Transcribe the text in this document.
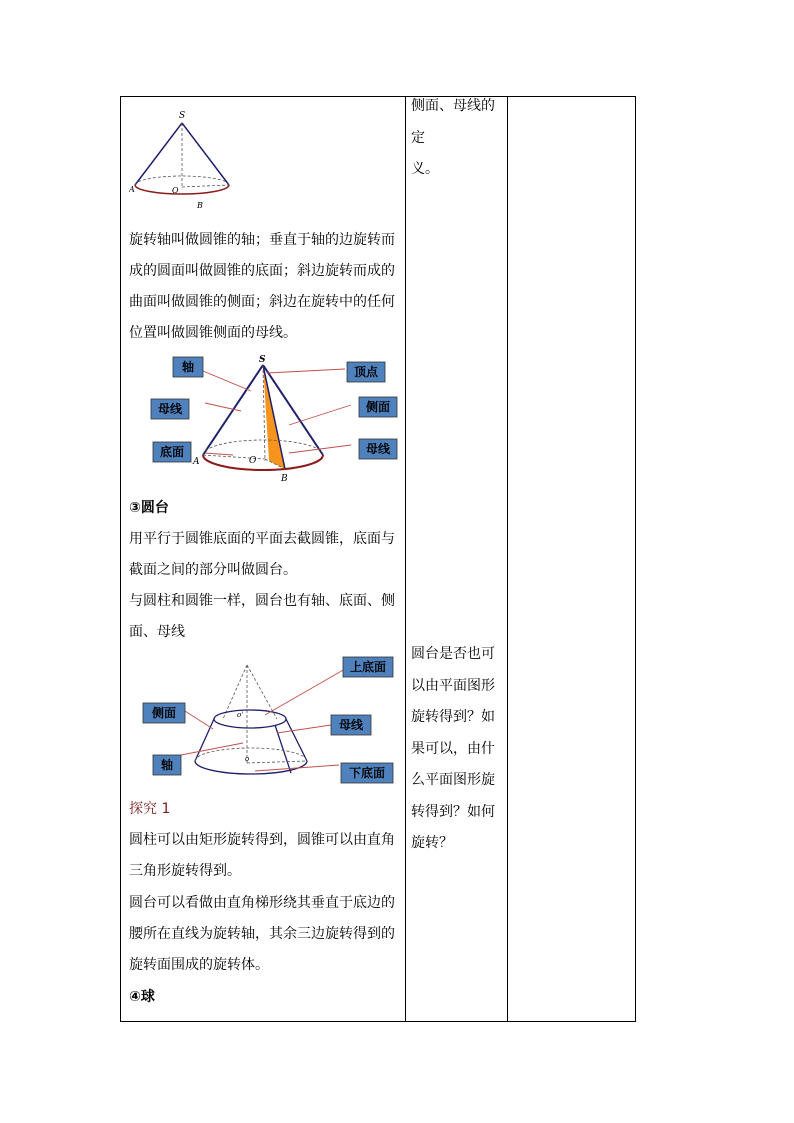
S
A	O
B
旋转轴叫做圆锥的轴；垂直于轴的边旋转而
成的圆面叫做圆锥的底面；斜边旋转而成的
曲面叫做圆锥的侧面；斜边在旋转中的任何
位置叫做圆锥侧面的母线。
S
A	O
B
轴
母线
底面
顶点
侧面
母线
③圆台
用平行于圆锥底面的平面去截圆锥，底面与
截面之间的部分叫做圆台。
与圆柱和圆锥一样，圆台也有轴、底面、侧
面、母线
o'
o
上底面
侧面
母线
轴
下底面
探究 1
圆柱可以由矩形旋转得到，圆锥可以由直角
三角形旋转得到。
圆台可以看做由直角梯形绕其垂直于底边的
腰所在直线为旋转轴，其余三边旋转得到的
旋转面围成的旋转体。
④球
侧面、母线的定
义。
圆台是否也可
以由平面图形
旋转得到？如
果可以，由什
么平面图形旋
转得到？如何
旋转？
